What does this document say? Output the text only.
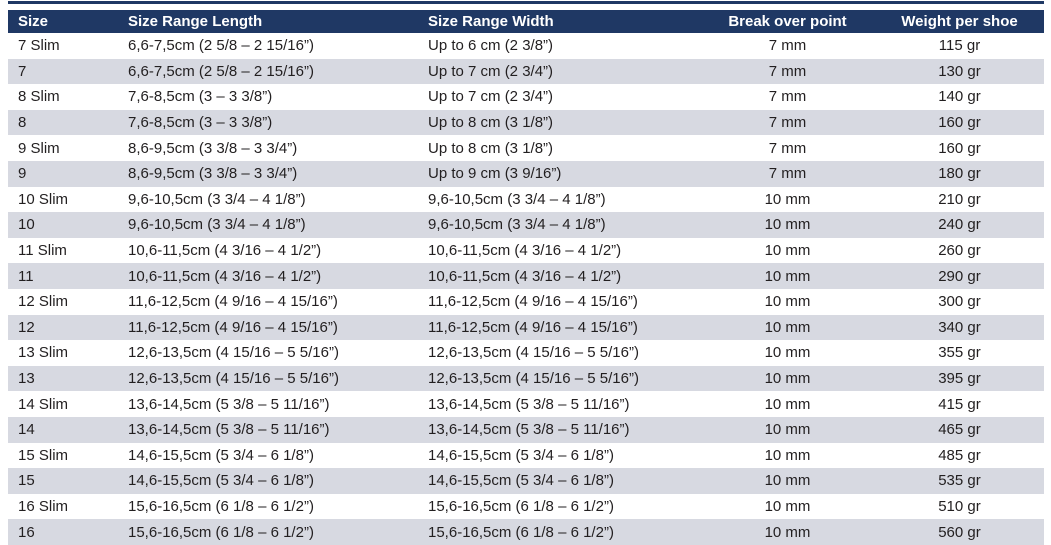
Size	Size Range Length	Size Range Width	Break over point	Weight per shoe
7 Slim	6,6-7,5cm (2 5/8 – 2 15/16”)	Up to 6 cm (2 3/8”)	7 mm	115 gr
7	6,6-7,5cm (2 5/8 – 2 15/16”)	Up to 7 cm (2 3/4”)	7 mm	130 gr
8 Slim	7,6-8,5cm (3 – 3 3/8”)	Up to 7 cm (2 3/4”)	7 mm	140 gr
8	7,6-8,5cm (3 – 3 3/8”)	Up to 8 cm (3 1/8”)	7 mm	160 gr
9 Slim	8,6-9,5cm (3 3/8 – 3 3/4”)	Up to 8 cm (3 1/8”)	7 mm	160 gr
9	8,6-9,5cm (3 3/8 – 3 3/4”)	Up to 9 cm (3 9/16”)	7 mm	180 gr
10 Slim	9,6-10,5cm (3 3/4 – 4 1/8”)	9,6-10,5cm (3 3/4 – 4 1/8”)	10 mm	210 gr
10	9,6-10,5cm (3 3/4 – 4 1/8”)	9,6-10,5cm (3 3/4 – 4 1/8”)	10 mm	240 gr
11 Slim	10,6-11,5cm (4 3/16 – 4 1/2”)	10,6-11,5cm (4 3/16 – 4 1/2”)	10 mm	260 gr
11	10,6-11,5cm (4 3/16 – 4 1/2”)	10,6-11,5cm (4 3/16 – 4 1/2”)	10 mm	290 gr
12 Slim	11,6-12,5cm (4 9/16 – 4 15/16”)	11,6-12,5cm (4 9/16 – 4 15/16”)	10 mm	300 gr
12	11,6-12,5cm (4 9/16 – 4 15/16”)	11,6-12,5cm (4 9/16 – 4 15/16”)	10 mm	340 gr
13 Slim	12,6-13,5cm (4 15/16 – 5 5/16”)	12,6-13,5cm (4 15/16 – 5 5/16”)	10 mm	355 gr
13	12,6-13,5cm (4 15/16 – 5 5/16”)	12,6-13,5cm (4 15/16 – 5 5/16”)	10 mm	395 gr
14 Slim	13,6-14,5cm (5 3/8 – 5 11/16”)	13,6-14,5cm (5 3/8 – 5 11/16”)	10 mm	415 gr
14	13,6-14,5cm (5 3/8 – 5 11/16”)	13,6-14,5cm (5 3/8 – 5 11/16”)	10 mm	465 gr
15 Slim	14,6-15,5cm (5 3/4 – 6 1/8”)	14,6-15,5cm (5 3/4 – 6 1/8”)	10 mm	485 gr
15	14,6-15,5cm (5 3/4 – 6 1/8”)	14,6-15,5cm (5 3/4 – 6 1/8”)	10 mm	535 gr
16 Slim	15,6-16,5cm (6 1/8 – 6 1/2”)	15,6-16,5cm (6 1/8 – 6 1/2”)	10 mm	510 gr
16	15,6-16,5cm (6 1/8 – 6 1/2”)	15,6-16,5cm (6 1/8 – 6 1/2”)	10 mm	560 gr
